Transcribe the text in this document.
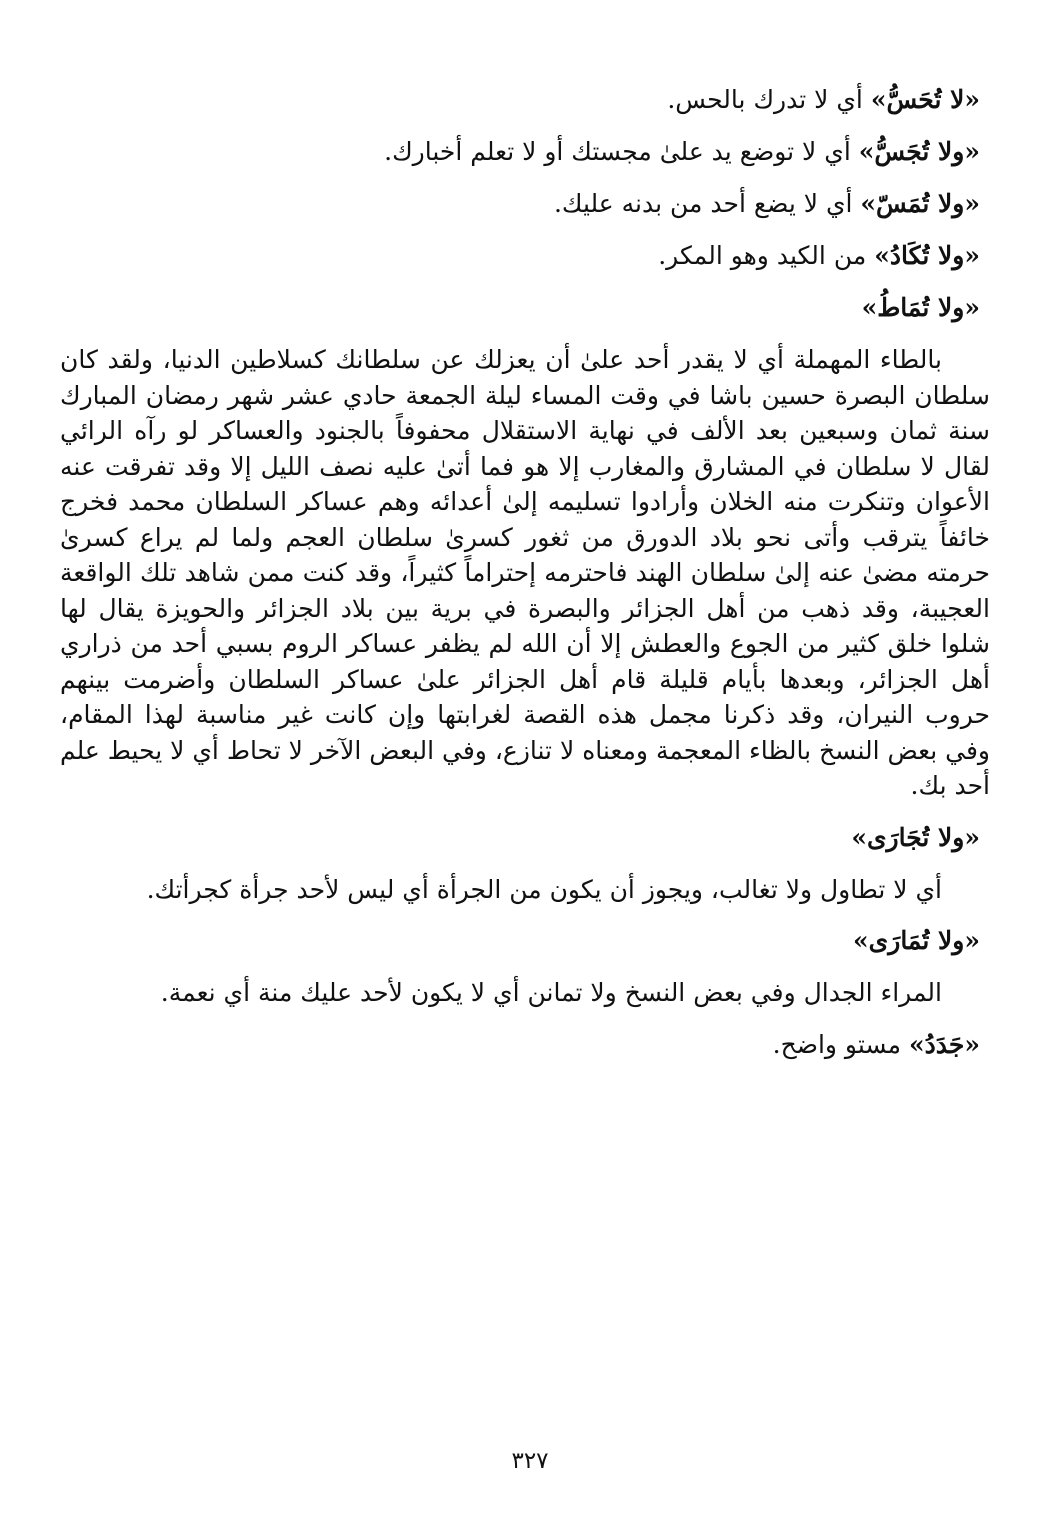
«لا تُحَسُّ» أي لا تدرك بالحس.
«ولا تُجَسُّ» أي لا توضع يد علىٰ مجستك أو لا تعلم أخبارك.
«ولا تُمَسّ» أي لا يضع أحد من بدنه عليك.
«ولا تُكَادُ» من الكيد وهو المكر.
«ولا تُمَاطُ»

بالطاء المهملة أي لا يقدر أحد علىٰ أن يعزلك عن سلطانك كسلاطين الدنيا، ولقد كان سلطان البصرة حسين باشا في وقت المساء ليلة الجمعة حادي عشر شهر رمضان المبارك سنة ثمان وسبعين بعد الألف في نهاية الاستقلال محفوفاً بالجنود والعساكر لو رآه الرائي لقال لا سلطان في المشارق والمغارب إلا هو فما أتىٰ عليه نصف الليل إلا وقد تفرقت عنه الأعوان وتنكرت منه الخلان وأرادوا تسليمه إلىٰ أعدائه وهم عساكر السلطان محمد فخرج خائفاً يترقب وأتى نحو بلاد الدورق من ثغور كسرىٰ سلطان العجم ولما لم يراع كسرىٰ حرمته مضىٰ عنه إلىٰ سلطان الهند فاحترمه إحتراماً كثيراً، وقد كنت ممن شاهد تلك الواقعة العجيبة، وقد ذهب من أهل الجزائر والبصرة في برية بين بلاد الجزائر والحويزة يقال لها شلوا خلق كثير من الجوع والعطش إلا أن الله لم يظفر عساكر الروم بسبي أحد من ذراري أهل الجزائر، وبعدها بأيام قليلة قام أهل الجزائر علىٰ عساكر السلطان وأضرمت بينهم حروب النيران، وقد ذكرنا مجمل هذه القصة لغرابتها وإن كانت غير مناسبة لهذا المقام، وفي بعض النسخ بالظاء المعجمة ومعناه لا تنازع، وفي البعض الآخر لا تحاط أي لا يحيط علم أحد بك.

«ولا تُجَارَى»

أي لا تطاول ولا تغالب، ويجوز أن يكون من الجرأة أي ليس لأحد جرأة كجرأتك.

«ولا تُمَارَى»

المراء الجدال وفي بعض النسخ ولا تمانن أي لا يكون لأحد عليك منة أي نعمة.

«جَدَدُ» مستو واضح.
٣٢٧
